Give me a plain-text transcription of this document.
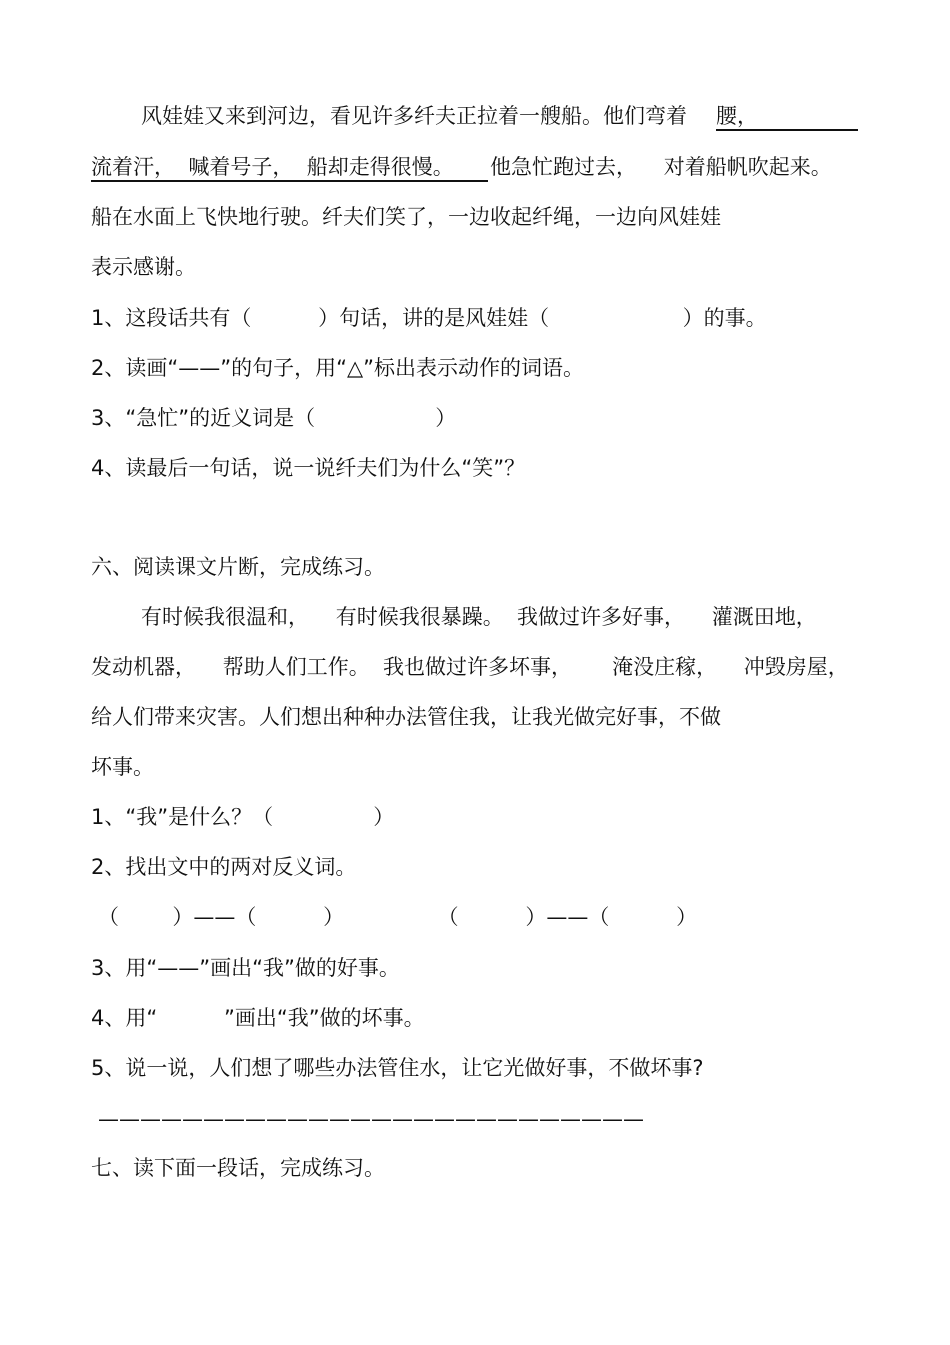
风娃娃又来到河边，看见许多纤夫正拉着一艘船。他们弯着 腰，
流着汗，  喊着号子，  船却走得很慢。 他急忙跑过去，    对着船帆吹起来。
船在水面上飞快地行驶。纤夫们笑了，一边收起纤绳，一边向风娃娃
表示感谢。
1、这段话共有（          ）句话，讲的是风娃娃（                    ）的事。
2、读画“——”的句子，用“△”标出表示动作的词语。
3、“急忙”的近义词是（                  ）
4、读最后一句话，说一说纤夫们为什么“笑”？
六、阅读课文片断，完成练习。
有时候我很温和，    有时候我很暴躁。  我做过许多好事，    灌溉田地，
发动机器，    帮助人们工作。  我也做过许多坏事，      淹没庄稼，    冲毁房屋，
给人们带来灾害。人们想出种种办法管住我，让我光做完好事，不做
坏事。
1、“我”是什么？（               ）
2、找出文中的两对反义词。
（        ）——（          ）              （          ）——（          ）
3、用“——”画出“我”做的好事。
4、用“          ”画出“我”做的坏事。
5、说一说，人们想了哪些办法管住水，让它光做好事，不做坏事?
——————————————————————————
七、读下面一段话，完成练习。
